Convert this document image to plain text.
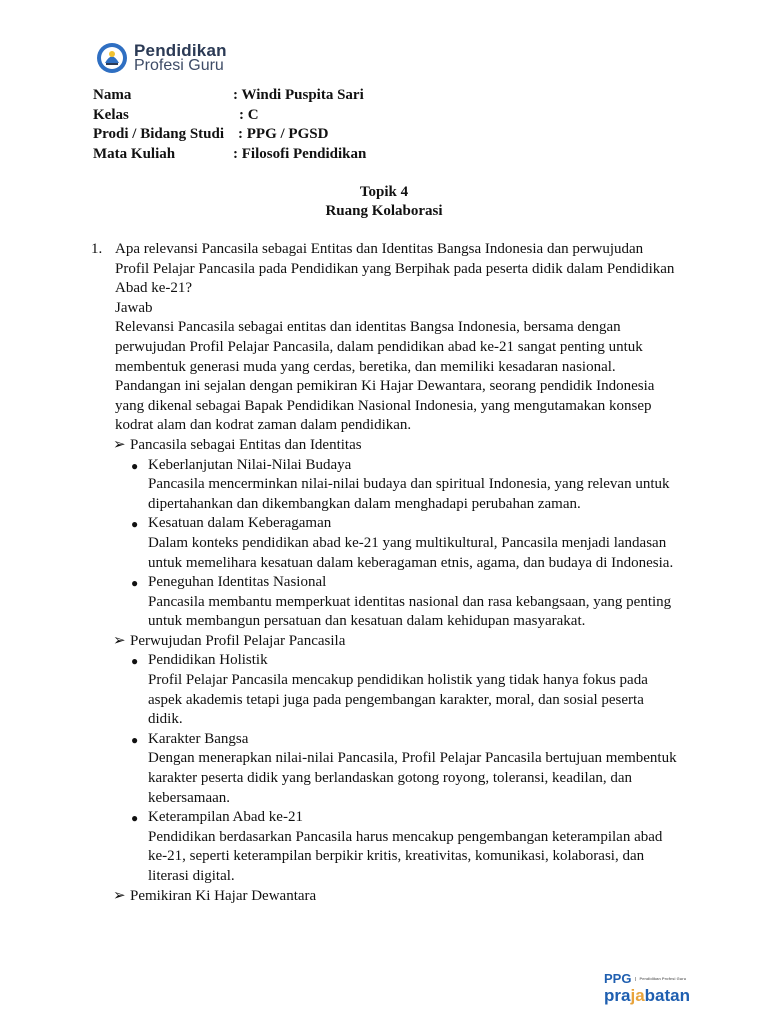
Pendidikan
Profesi Guru
Nama	: Windi Puspita Sari
Kelas	: C
Prodi / Bidang Studi : PPG / PGSD
Mata Kuliah	: Filosofi Pendidikan
Topik 4
Ruang Kolaborasi
1. Apa relevansi Pancasila sebagai Entitas dan Identitas Bangsa Indonesia dan perwujudan Profil Pelajar Pancasila pada Pendidikan yang Berpihak pada peserta didik dalam Pendidikan Abad ke-21?

Jawab

Relevansi Pancasila sebagai entitas dan identitas Bangsa Indonesia, bersama dengan perwujudan Profil Pelajar Pancasila, dalam pendidikan abad ke-21 sangat penting untuk membentuk generasi muda yang cerdas, beretika, dan memiliki kesadaran nasional. Pandangan ini sejalan dengan pemikiran Ki Hajar Dewantara, seorang pendidik Indonesia yang dikenal sebagai Bapak Pendidikan Nasional Indonesia, yang mengutamakan konsep kodrat alam dan kodrat zaman dalam pendidikan.

➢ Pancasila sebagai Entitas dan Identitas
● Keberlanjutan Nilai-Nilai Budaya
Pancasila mencerminkan nilai-nilai budaya dan spiritual Indonesia, yang relevan untuk dipertahankan dan dikembangkan dalam menghadapi perubahan zaman.
● Kesatuan dalam Keberagaman
Dalam konteks pendidikan abad ke-21 yang multikultural, Pancasila menjadi landasan untuk memelihara kesatuan dalam keberagaman etnis, agama, dan budaya di Indonesia.
● Peneguhan Identitas Nasional
Pancasila membantu memperkuat identitas nasional dan rasa kebangsaan, yang penting untuk membangun persatuan dan kesatuan dalam kehidupan masyarakat.
➢ Perwujudan Profil Pelajar Pancasila
● Pendidikan Holistik
Profil Pelajar Pancasila mencakup pendidikan holistik yang tidak hanya fokus pada aspek akademis tetapi juga pada pengembangan karakter, moral, dan sosial peserta didik.
● Karakter Bangsa
Dengan menerapkan nilai-nilai Pancasila, Profil Pelajar Pancasila bertujuan membentuk karakter peserta didik yang berlandaskan gotong royong, toleransi, keadilan, dan kebersamaan.
● Keterampilan Abad ke-21
Pendidikan berdasarkan Pancasila harus mencakup pengembangan keterampilan abad ke-21, seperti keterampilan berpikir kritis, kreativitas, komunikasi, kolaborasi, dan literasi digital.
➢ Pemikiran Ki Hajar Dewantara
PPG	Pendidikan Profesi Guru
prajabatan
